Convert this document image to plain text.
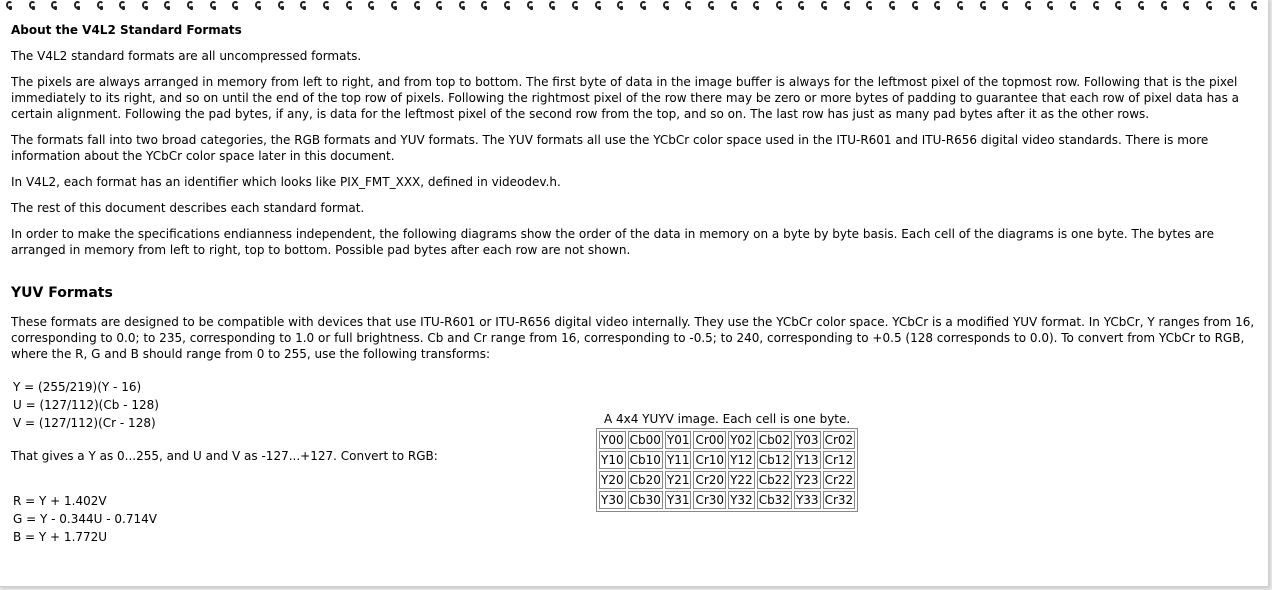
About the V4L2 Standard Formats

The V4L2 standard formats are all uncompressed formats.

The pixels are always arranged in memory from left to right, and from top to bottom. The first byte of data in the image buffer is always for the leftmost pixel of the topmost row. Following that is the pixel immediately to its right, and so on until the end of the top row of pixels. Following the rightmost pixel of the row there may be zero or more bytes of padding to guarantee that each row of pixel data has a certain alignment. Following the pad bytes, if any, is data for the leftmost pixel of the second row from the top, and so on. The last row has just as many pad bytes after it as the other rows.

The formats fall into two broad categories, the RGB formats and YUV formats. The YUV formats all use the YCbCr color space used in the ITU-R601 and ITU-R656 digital video standards. There is more information about the YCbCr color space later in this document.

In V4L2, each format has an identifier which looks like PIX_FMT_XXX, defined in videodev.h.

The rest of this document describes each standard format.

In order to make the specifications endianness independent, the following diagrams show the order of the data in memory on a byte by byte basis. Each cell of the diagrams is one byte. The bytes are arranged in memory from left to right, top to bottom. Possible pad bytes after each row are not shown.

YUV Formats

These formats are designed to be compatible with devices that use ITU-R601 or ITU-R656 digital video internally. They use the YCbCr color space. YCbCr is a modified YUV format. In YCbCr, Y ranges from 16, corresponding to 0.0; to 235, corresponding to 1.0 or full brightness. Cb and Cr range from 16, corresponding to -0.5; to 240, corresponding to +0.5 (128 corresponds to 0.0). To convert from YCbCr to RGB, where the R, G and B should range from 0 to 255, use the following transforms:

Y = (255/219)(Y - 16)
U = (127/112)(Cb - 128)
V = (127/112)(Cr - 128)
That gives a Y as 0...255, and U and V as -127...+127. Convert to RGB:
R = Y + 1.402V
G = Y - 0.344U - 0.714V
B = Y + 1.772U
A 4x4 YUYV image. Each cell is one byte.
Y00	Cb00	Y01	Cr00	Y02	Cb02	Y03	Cr02
Y10	Cb10	Y11	Cr10	Y12	Cb12	Y13	Cr12
Y20	Cb20	Y21	Cr20	Y22	Cb22	Y23	Cr22
Y30	Cb30	Y31	Cr30	Y32	Cb32	Y33	Cr32
